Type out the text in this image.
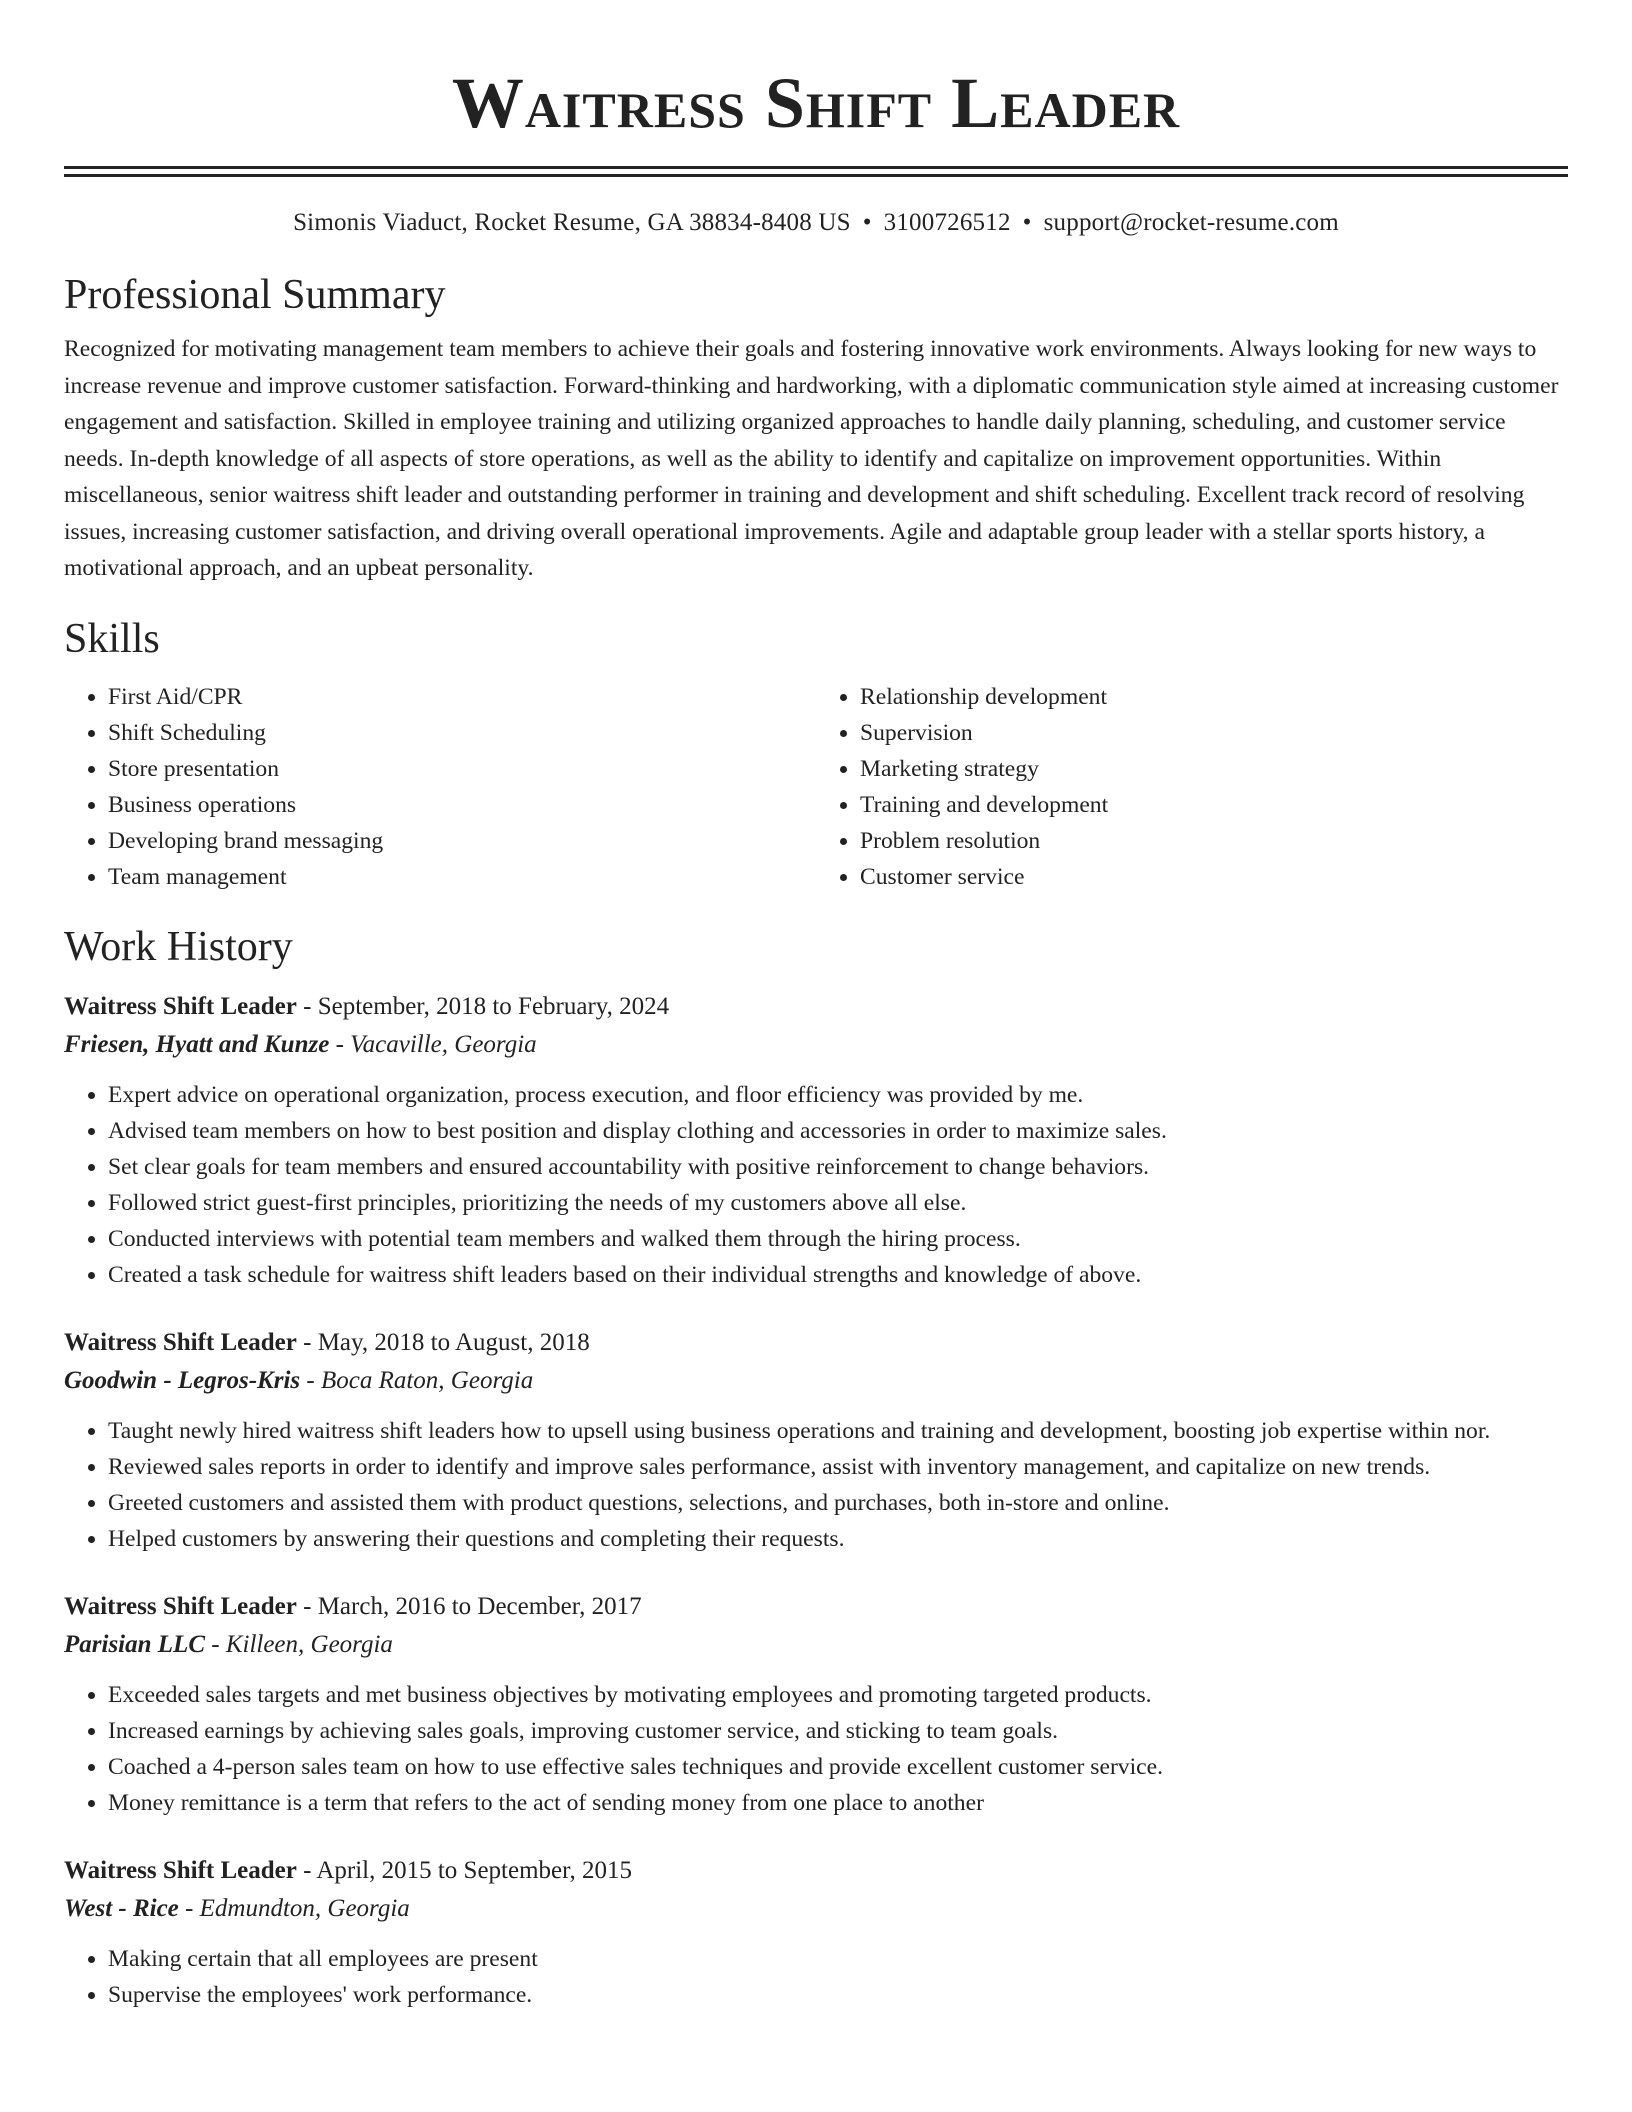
Waitress Shift Leader
Simonis Viaduct, Rocket Resume, GA 38834-8408 US • 3100726512 • support@rocket-resume.com
Professional Summary
Recognized for motivating management team members to achieve their goals and fostering innovative work environments. Always looking for new ways to increase revenue and improve customer satisfaction. Forward-thinking and hardworking, with a diplomatic communication style aimed at increasing customer engagement and satisfaction. Skilled in employee training and utilizing organized approaches to handle daily planning, scheduling, and customer service needs. In-depth knowledge of all aspects of store operations, as well as the ability to identify and capitalize on improvement opportunities. Within miscellaneous, senior waitress shift leader and outstanding performer in training and development and shift scheduling. Excellent track record of resolving issues, increasing customer satisfaction, and driving overall operational improvements. Agile and adaptable group leader with a stellar sports history, a motivational approach, and an upbeat personality.
Skills
• First Aid/CPR
• Shift Scheduling
• Store presentation
• Business operations
• Developing brand messaging
• Team management
• Relationship development
• Supervision
• Marketing strategy
• Training and development
• Problem resolution
• Customer service
Work History
Waitress Shift Leader - September, 2018 to February, 2024
Friesen, Hyatt and Kunze - Vacaville, Georgia
• Expert advice on operational organization, process execution, and floor efficiency was provided by me.
• Advised team members on how to best position and display clothing and accessories in order to maximize sales.
• Set clear goals for team members and ensured accountability with positive reinforcement to change behaviors.
• Followed strict guest-first principles, prioritizing the needs of my customers above all else.
• Conducted interviews with potential team members and walked them through the hiring process.
• Created a task schedule for waitress shift leaders based on their individual strengths and knowledge of above.
Waitress Shift Leader - May, 2018 to August, 2018
Goodwin - Legros-Kris - Boca Raton, Georgia
• Taught newly hired waitress shift leaders how to upsell using business operations and training and development, boosting job expertise within nor.
• Reviewed sales reports in order to identify and improve sales performance, assist with inventory management, and capitalize on new trends.
• Greeted customers and assisted them with product questions, selections, and purchases, both in-store and online.
• Helped customers by answering their questions and completing their requests.
Waitress Shift Leader - March, 2016 to December, 2017
Parisian LLC - Killeen, Georgia
• Exceeded sales targets and met business objectives by motivating employees and promoting targeted products.
• Increased earnings by achieving sales goals, improving customer service, and sticking to team goals.
• Coached a 4-person sales team on how to use effective sales techniques and provide excellent customer service.
• Money remittance is a term that refers to the act of sending money from one place to another
Waitress Shift Leader - April, 2015 to September, 2015
West - Rice - Edmundton, Georgia
• Making certain that all employees are present
• Supervise the employees' work performance.
